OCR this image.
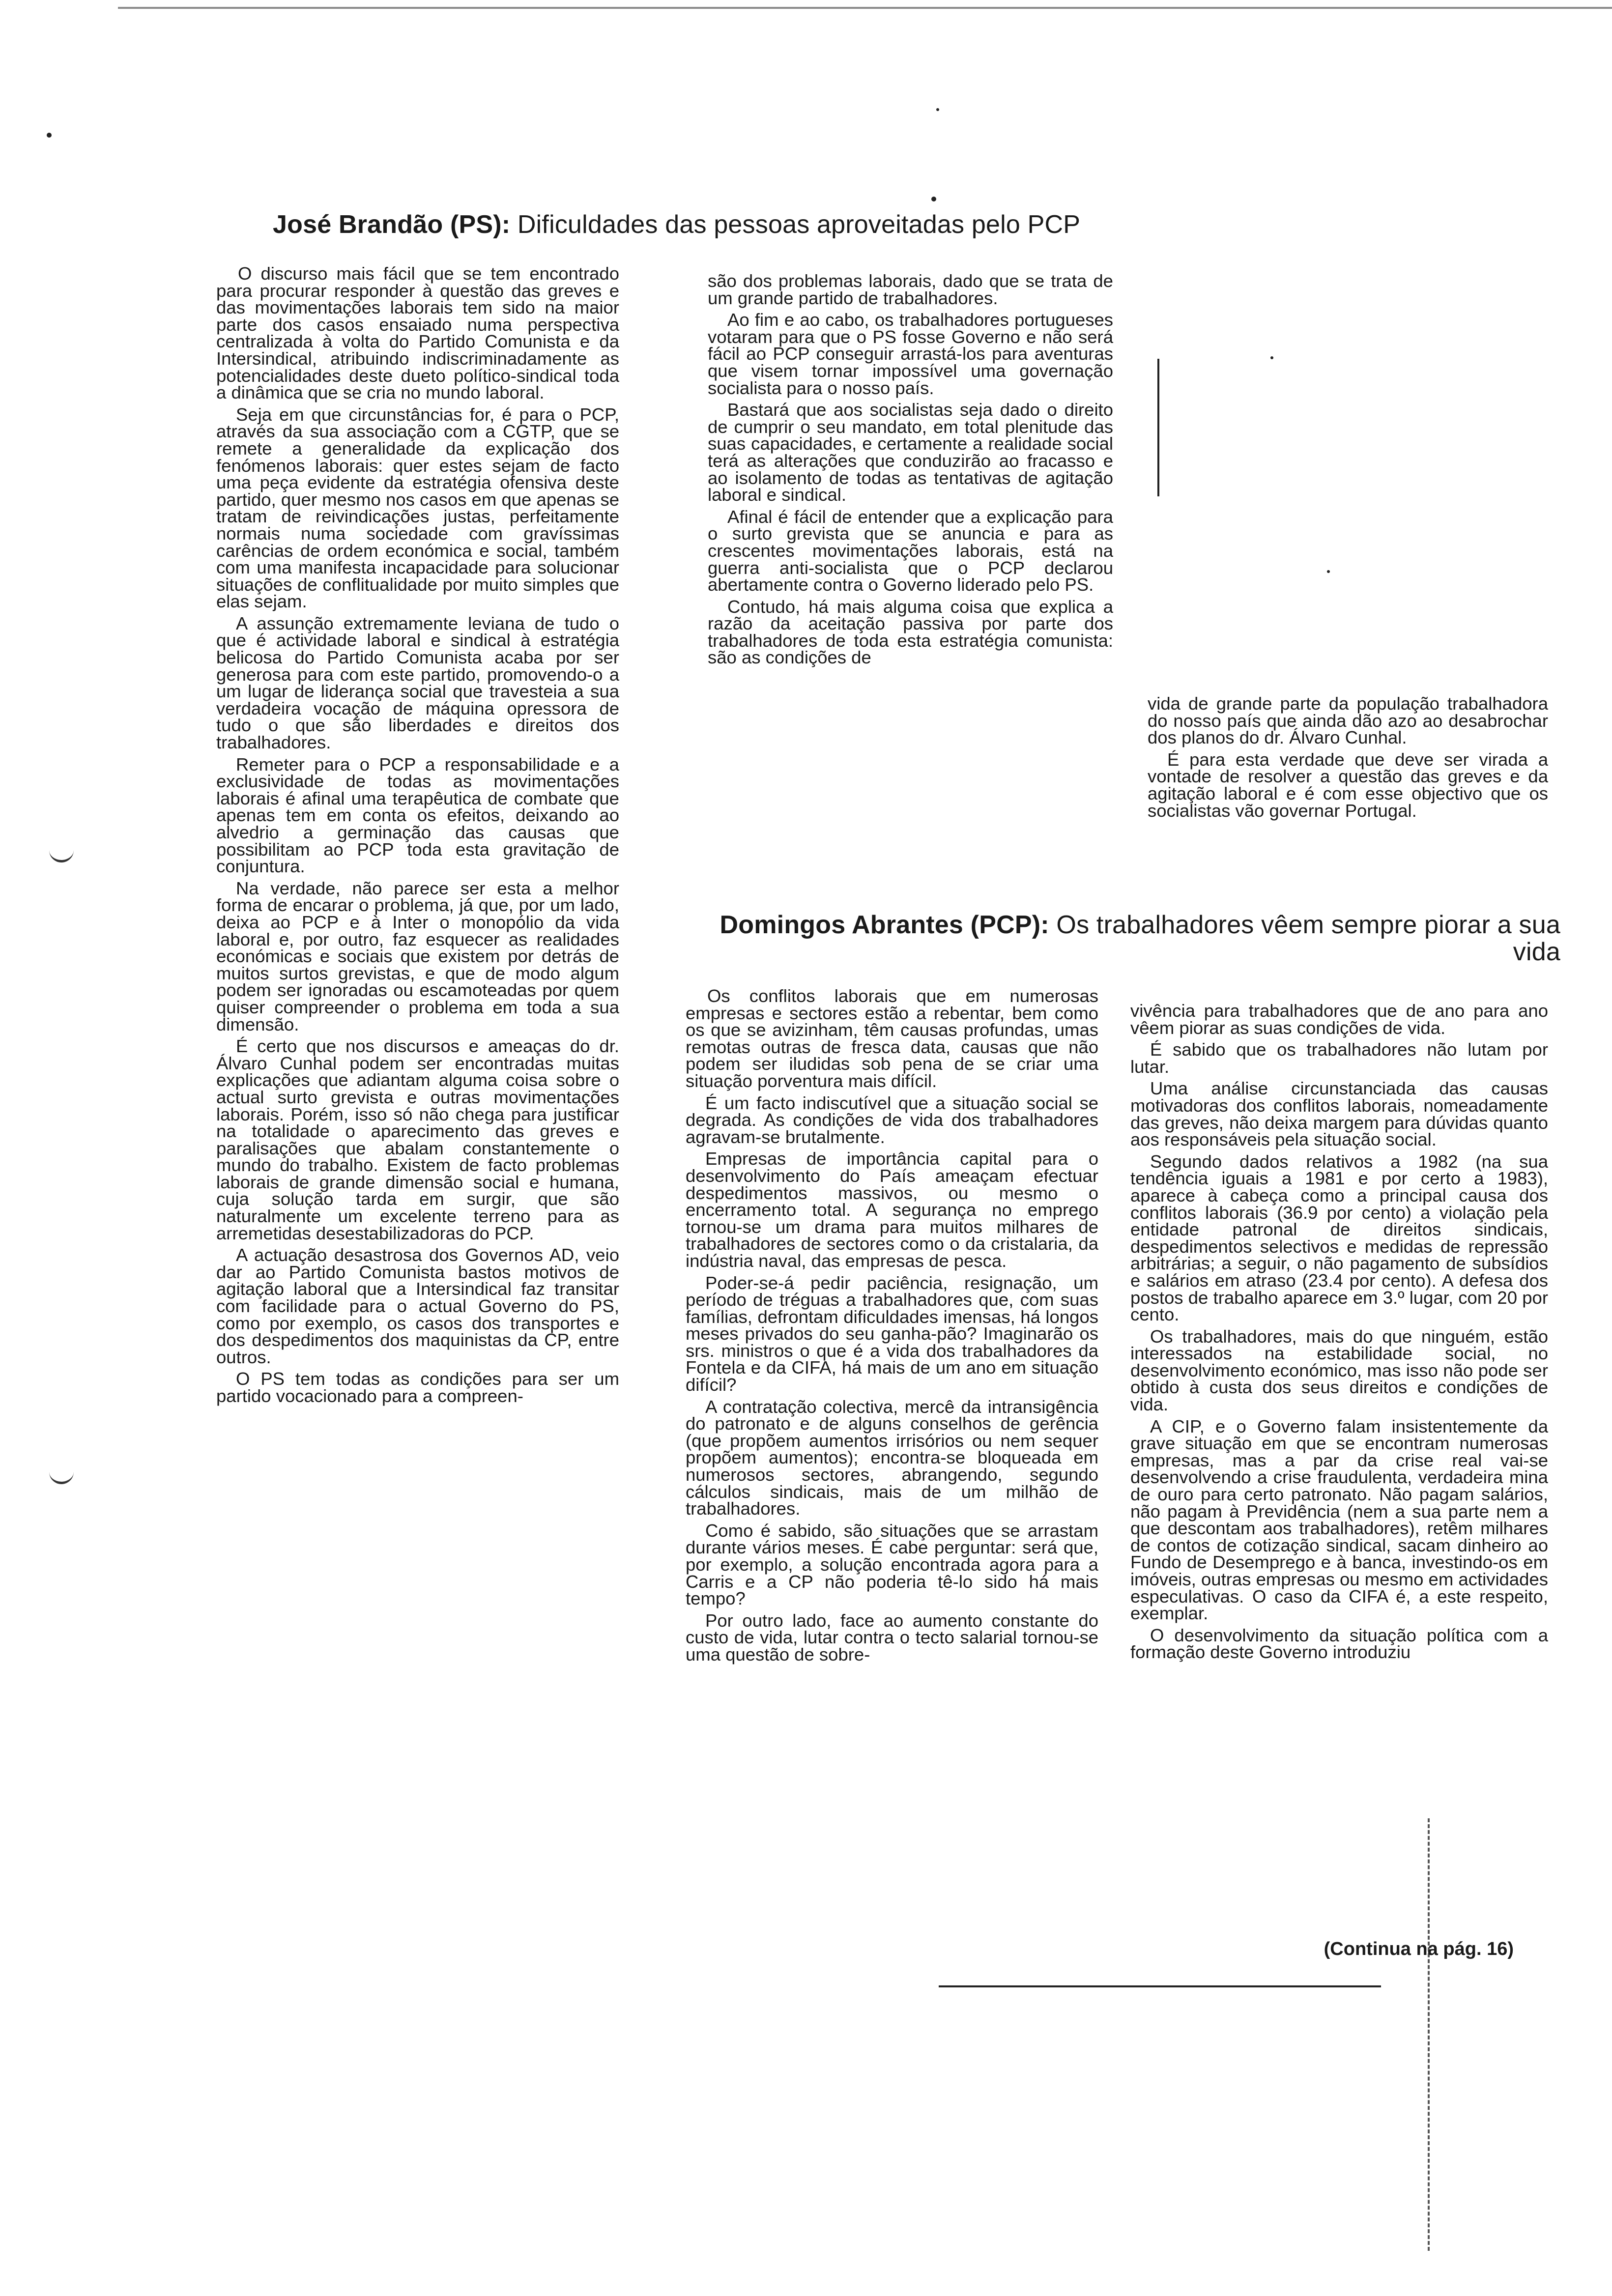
José Brandão (PS): Dificuldades das pessoas aproveitadas pelo PCP

O discurso mais fácil que se tem encontrado para procurar responder à questão das greves e das movimentações laborais tem sido na maior parte dos casos ensaiado numa perspectiva centralizada à volta do Partido Comunista e da Intersindical, atribuindo indiscriminadamente as potencialidades deste dueto político-sindical toda a dinâmica que se cria no mundo laboral.

Seja em que circunstâncias for, é para o PCP, através da sua associação com a CGTP, que se remete a generalidade da explicação dos fenómenos laborais: quer estes sejam de facto uma peça evidente da estratégia ofensiva deste partido, quer mesmo nos casos em que apenas se tratam de reivindicações justas, perfeitamente normais numa sociedade com gravíssimas carências de ordem económica e social, também com uma manifesta incapacidade para solucionar situações de conflitualidade por muito simples que elas sejam.

A assunção extremamente leviana de tudo o que é actividade laboral e sindical à estratégia belicosa do Partido Comunista acaba por ser generosa para com este partido, promovendo-o a um lugar de liderança social que travesteia a sua verdadeira vocação de máquina opressora de tudo o que são liberdades e direitos dos trabalhadores.

Remeter para o PCP a responsabilidade e a exclusividade de todas as movimentações laborais é afinal uma terapêutica de combate que apenas tem em conta os efeitos, deixando ao alvedrio a germinação das causas que possibilitam ao PCP toda esta gravitação de conjuntura.

Na verdade, não parece ser esta a melhor forma de encarar o problema, já que, por um lado, deixa ao PCP e à Inter o monopólio da vida laboral e, por outro, faz esquecer as realidades económicas e sociais que existem por detrás de muitos surtos grevistas, e que de modo algum podem ser ignoradas ou escamoteadas por quem quiser compreender o problema em toda a sua dimensão.

É certo que nos discursos e ameaças do dr. Álvaro Cunhal podem ser encontradas muitas explicações que adiantam alguma coisa sobre o actual surto grevista e outras movimentações laborais. Porém, isso só não chega para justificar na totalidade o aparecimento das greves e paralisações que abalam constantemente o mundo do trabalho. Existem de facto problemas laborais de grande dimensão social e humana, cuja solução tarda em surgir, que são naturalmente um excelente terreno para as arremetidas desestabilizadoras do PCP.

A actuação desastrosa dos Governos AD, veio dar ao Partido Comunista bastos motivos de agitação laboral que a Intersindical faz transitar com facilidade para o actual Governo do PS, como por exemplo, os casos dos transportes e dos despedimentos dos maquinistas da CP, entre outros.

O PS tem todas as condições para ser um partido vocacionado para a compreen-

são dos problemas laborais, dado que se trata de um grande partido de trabalhadores.

Ao fim e ao cabo, os trabalhadores portugueses votaram para que o PS fosse Governo e não será fácil ao PCP conseguir arrastá-los para aventuras que visem tornar impossível uma governação socialista para o nosso país.

Bastará que aos socialistas seja dado o direito de cumprir o seu mandato, em total plenitude das suas capacidades, e certamente a realidade social terá as alterações que conduzirão ao fracasso e ao isolamento de todas as tentativas de agitação laboral e sindical.

Afinal é fácil de entender que a explicação para o surto grevista que se anuncia e para as crescentes movimentações laborais, está na guerra anti-socialista que o PCP declarou abertamente contra o Governo liderado pelo PS.

Contudo, há mais alguma coisa que explica a razão da aceitação passiva por parte dos trabalhadores de toda esta estratégia comunista: são as condições de

vida de grande parte da população trabalhadora do nosso país que ainda dão azo ao desabrochar dos planos do dr. Álvaro Cunhal.

É para esta verdade que deve ser virada a vontade de resolver a questão das greves e da agitação laboral e é com esse objectivo que os socialistas vão governar Portugal.

Domingos Abrantes (PCP): Os trabalhadores vêem sempre piorar a sua vida

Os conflitos laborais que em numerosas empresas e sectores estão a rebentar, bem como os que se avizinham, têm causas profundas, umas remotas outras de fresca data, causas que não podem ser iludidas sob pena de se criar uma situação porventura mais difícil.

É um facto indiscutível que a situação social se degrada. As condições de vida dos trabalhadores agravam-se brutalmente.

Empresas de importância capital para o desenvolvimento do País ameaçam efectuar despedimentos massivos, ou mesmo o encerramento total. A segurança no emprego tornou-se um drama para muitos milhares de trabalhadores de sectores como o da cristalaria, da indústria naval, das empresas de pesca.

Poder-se-á pedir paciência, resignação, um período de tréguas a trabalhadores que, com suas famílias, defrontam dificuldades imensas, há longos meses privados do seu ganha-pão? Imaginarão os srs. ministros o que é a vida dos trabalhadores da Fontela e da CIFA, há mais de um ano em situação difícil?

A contratação colectiva, mercê da intransigência do patronato e de alguns conselhos de gerência (que propõem aumentos irrisórios ou nem sequer propõem aumentos); encontra-se bloqueada em numerosos sectores, abrangendo, segundo cálculos sindicais, mais de um milhão de trabalhadores.

Como é sabido, são situações que se arrastam durante vários meses. É cabe perguntar: será que, por exemplo, a solução encontrada agora para a Carris e a CP não poderia tê-lo sido há mais tempo?

Por outro lado, face ao aumento constante do custo de vida, lutar contra o tecto salarial tornou-se uma questão de sobre-

vivência para trabalhadores que de ano para ano vêem piorar as suas condições de vida.

É sabido que os trabalhadores não lutam por lutar.

Uma análise circunstanciada das causas motivadoras dos conflitos laborais, nomeadamente das greves, não deixa margem para dúvidas quanto aos responsáveis pela situação social.

Segundo dados relativos a 1982 (na sua tendência iguais a 1981 e por certo a 1983), aparece à cabeça como a principal causa dos conflitos laborais (36.9 por cento) a violação pela entidade patronal de direitos sindicais, despedimentos selectivos e medidas de repressão arbitrárias; a seguir, o não pagamento de subsídios e salários em atraso (23.4 por cento). A defesa dos postos de trabalho aparece em 3.º lugar, com 20 por cento.

Os trabalhadores, mais do que ninguém, estão interessados na estabilidade social, no desenvolvimento económico, mas isso não pode ser obtido à custa dos seus direitos e condições de vida.

A CIP, e o Governo falam insistentemente da grave situação em que se encontram numerosas empresas, mas a par da crise real vai-se desenvolvendo a crise fraudulenta, verdadeira mina de ouro para certo patronato. Não pagam salários, não pagam à Previdência (nem a sua parte nem a que descontam aos trabalhadores), retêm milhares de contos de cotização sindical, sacam dinheiro ao Fundo de Desemprego e à banca, investindo-os em imóveis, outras empresas ou mesmo em actividades especulativas. O caso da CIFA é, a este respeito, exemplar.

O desenvolvimento da situação política com a formação deste Governo introduziu

(Continua na pág. 16)
